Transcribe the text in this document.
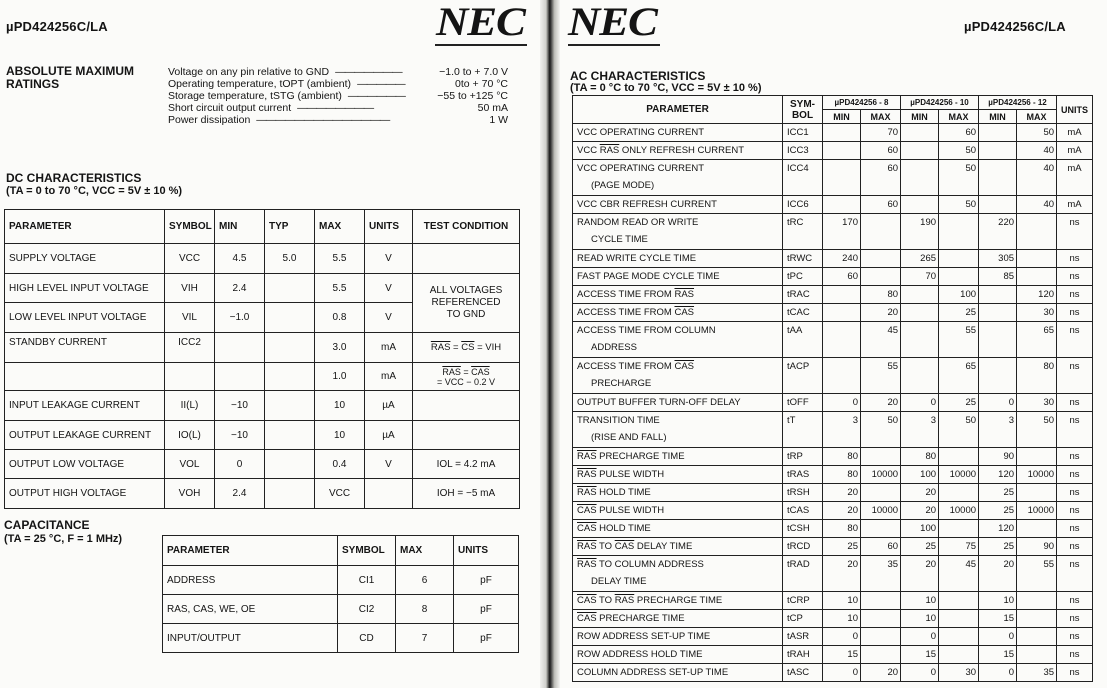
µPD424256C/LA	NEC
ABSOLUTE MAXIMUM
RATINGS
Voltage on any pin relative to GND ———————	−1.0 to + 7.0 V
Operating temperature, tOPT (ambient) —————	0to + 70 °C
Storage temperature, tSTG (ambient) ——————	−55 to +125 °C
Short circuit output current ————————	50 mA
Power dissipation ——————————————	1 W
DC CHARACTERISTICS
(TA = 0 to 70 °C, VCC = 5V ± 10 %)
PARAMETER	SYMBOL	MIN	TYP	MAX	UNITS	TEST CONDITION
SUPPLY VOLTAGE	VCC	4.5	5.0	5.5	V	
HIGH LEVEL INPUT VOLTAGE	VIH	2.4		5.5	V	ALL VOLTAGES
REFERENCED
TO GND

LOW LEVEL INPUT VOLTAGE	VIL	−1.0		0.8	V	
STANDBY CURRENT	ICC2			3.0	mA	$\overline{RAS} = \overline{CS}$ = VIH
				1.0	mA	$\overline{RAS} = \overline{CAS}$
= VCC − 0.2 V

INPUT LEAKAGE CURRENT	II(L)	−10		10	µA	
OUTPUT LEAKAGE CURRENT	IO(L)	−10		10	µA	
OUTPUT LOW VOLTAGE	VOL	0		0.4	V	IOL = 4.2 mA
OUTPUT HIGH VOLTAGE	VOH	2.4		VCC		IOH = −5 mA
CAPACITANCE
(TA = 25 °C, F = 1 MHz)
PARAMETER	SYMBOL	MAX	UNITS
ADDRESS	CI1	6	pF
RAS, CAS, WE, OE	CI2	8	pF
INPUT/OUTPUT	CD	7	pF
NEC	µPD424256C/LA
AC CHARACTERISTICS
(TA = 0 °C to 70 °C, VCC = 5V ± 10 %)
PARAMETER	SYM-
BOL	µPD424256 - 8		µPD424256 - 10		µPD424256 - 12		UNITS
		MIN	MAX	MIN	MAX	MIN	MAX	

VCC OPERATING CURRENT	ICC1		70		60		50	mA

VCC $\overline{RAS}$ ONLY REFRESH CURRENT	ICC3		60		50		40	mA

VCC OPERATING CURRENT
(PAGE MODE)	ICC4		60		50		40	mA

VCC CBR REFRESH CURRENT	ICC6		60		50		40	mA

RANDOM READ OR WRITE
CYCLE TIME	tRC	170		190		220		ns

READ WRITE CYCLE TIME	tRWC	240		265		305		ns

FAST PAGE MODE CYCLE TIME	tPC	60		70		85		ns

ACCESS TIME FROM $\overline{RAS}$	tRAC		80		100		120	ns

ACCESS TIME FROM $\overline{CAS}$	tCAC		20		25		30	ns

ACCESS TIME FROM COLUMN
ADDRESS	tAA		45		55		65	ns

ACCESS TIME FROM $\overline{CAS}$
PRECHARGE	tACP		55		65		80	ns

OUTPUT BUFFER TURN-OFF DELAY	tOFF	0	20	0	25	0	30	ns

TRANSITION TIME
(RISE AND FALL)	tT	3	50	3	50	3	50	ns

$\overline{RAS}$ PRECHARGE TIME	tRP	80		80		90		ns

$\overline{RAS}$ PULSE WIDTH	tRAS	80	10000	100	10000	120	10000	ns

$\overline{RAS}$ HOLD TIME	tRSH	20		20		25		ns

$\overline{CAS}$ PULSE WIDTH	tCAS	20	10000	20	10000	25	10000	ns

$\overline{CAS}$ HOLD TIME	tCSH	80		100		120		ns

$\overline{RAS}$ TO $\overline{CAS}$ DELAY TIME	tRCD	25	60	25	75	25	90	ns

$\overline{RAS}$ TO COLUMN ADDRESS
DELAY TIME	tRAD	20	35	20	45	20	55	ns

$\overline{CAS}$ TO $\overline{RAS}$ PRECHARGE TIME	tCRP	10		10		10		ns

$\overline{CAS}$ PRECHARGE TIME	tCP	10		10		15		ns

ROW ADDRESS SET-UP TIME	tASR	0		0		0		ns

ROW ADDRESS HOLD TIME	tRAH	15		15		15		ns

COLUMN ADDRESS SET-UP TIME	tASC	0	20	0	30	0	35	ns
